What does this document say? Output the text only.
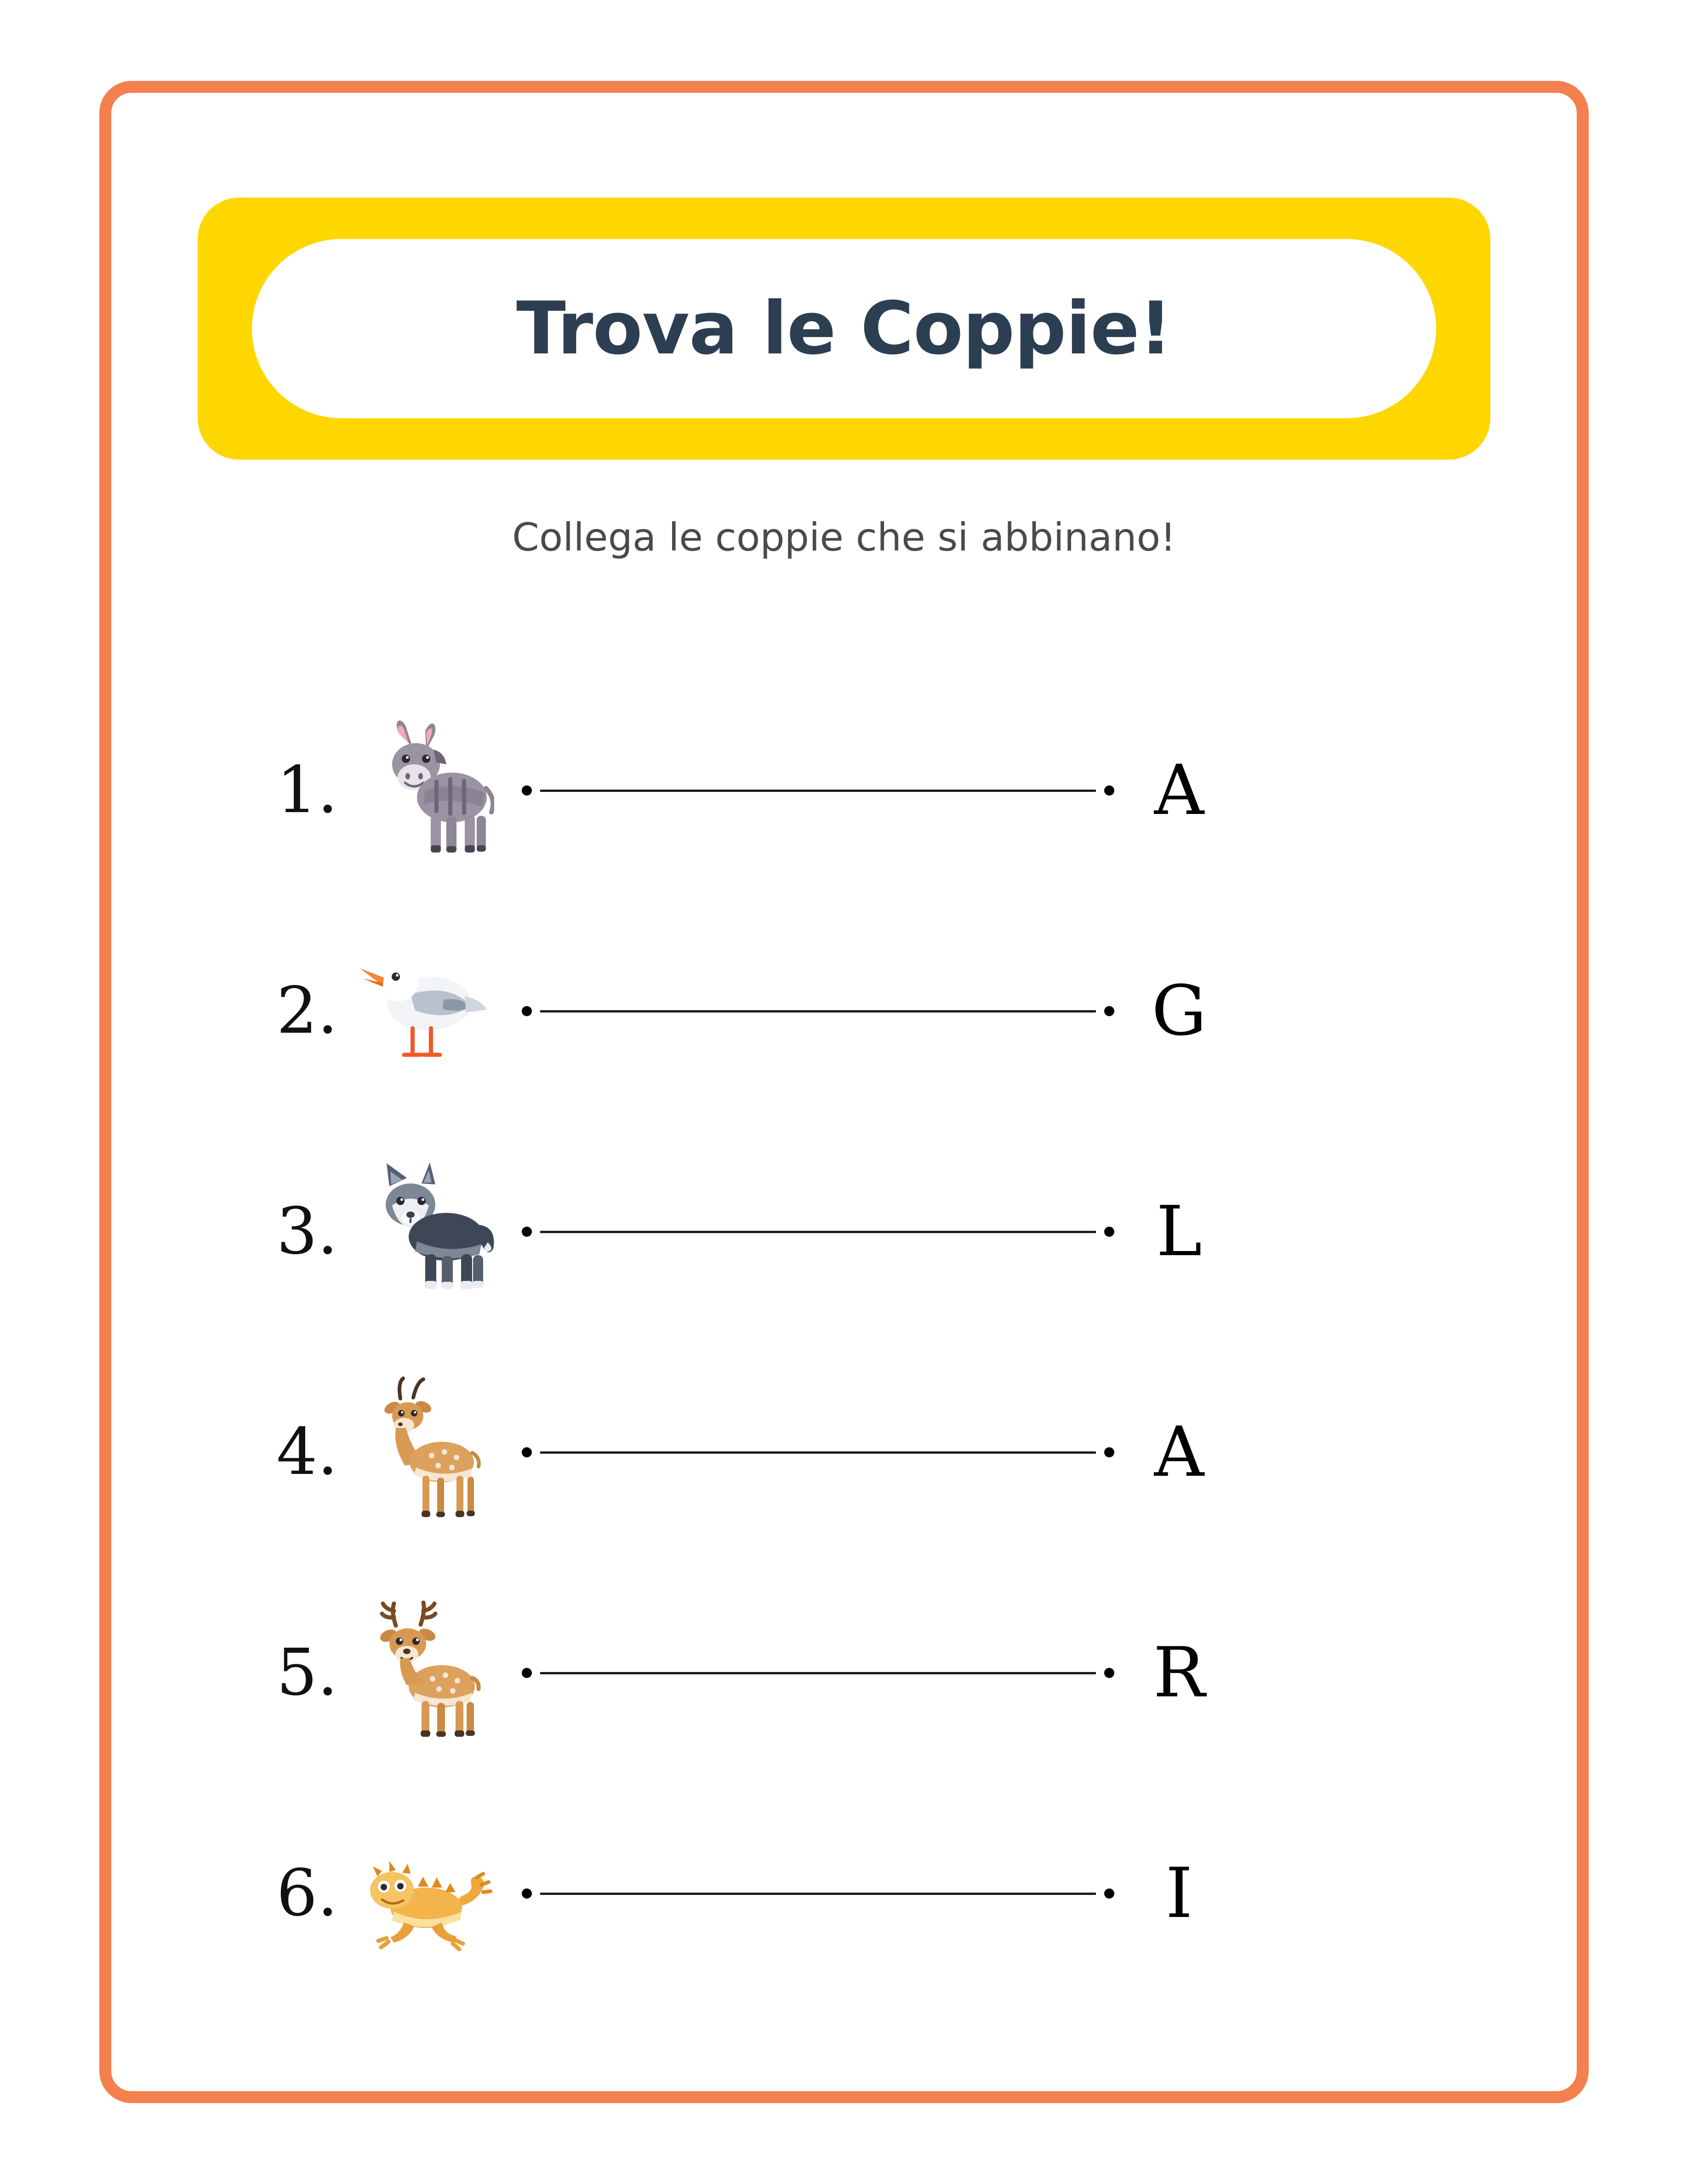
Trova le Coppie!
Collega le coppie che si abbinano!
1.	A
2.	G
3.	L
4.	A
5.	R
6.	I
